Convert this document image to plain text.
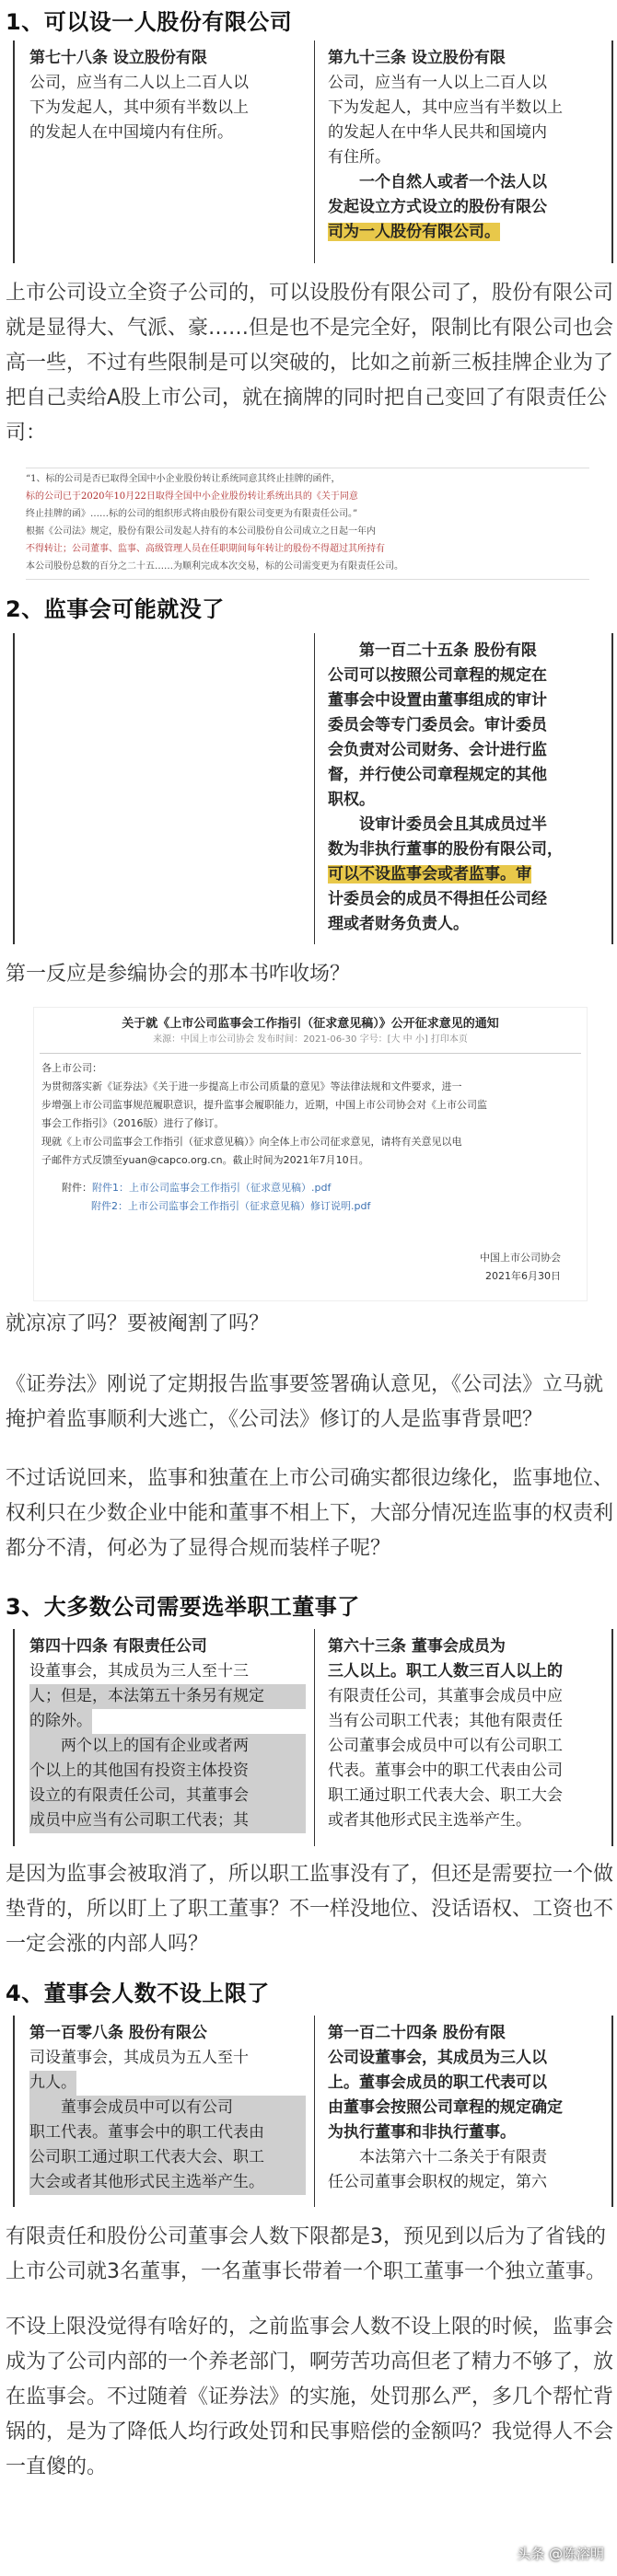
1、可以设一人股份有限公司
第七十八条 设立股份有限
公司，应当有二人以上二百人以
下为发起人，其中须有半数以上
的发起人在中国境内有住所。
第九十三条 设立股份有限
公司，应当有一人以上二百人以
下为发起人，其中应当有半数以上
的发起人在中华人民共和国境内
有住所。
一个自然人或者一个法人以
发起设立方式设立的股份有限公
司为一人股份有限公司。
上市公司设立全资子公司的，可以设股份有限公司了，股份有限公司
就是显得大、气派、豪……但是也不是完全好，限制比有限公司也会
高一些，不过有些限制是可以突破的，比如之前新三板挂牌企业为了
把自己卖给A股上市公司，就在摘牌的同时把自己变回了有限责任公
司：
“1、标的公司是否已取得全国中小企业股份转让系统同意其终止挂牌的函件，
标的公司已于2020年10月22日取得全国中小企业股份转让系统出具的《关于同意
终止挂牌的函》……标的公司的组织形式将由股份有限公司变更为有限责任公司。”
根据《公司法》规定，股份有限公司发起人持有的本公司股份自公司成立之日起一年内
不得转让；公司董事、监事、高级管理人员在任职期间每年转让的股份不得超过其所持有
本公司股份总数的百分之二十五……为顺利完成本次交易，标的公司需变更为有限责任公司。
2、监事会可能就没了
第一百二十五条 股份有限
公司可以按照公司章程的规定在
董事会中设置由董事组成的审计
委员会等专门委员会。审计委员
会负责对公司财务、会计进行监
督，并行使公司章程规定的其他
职权。
设审计委员会且其成员过半
数为非执行董事的股份有限公司，
可以不设监事会或者监事。审
计委员会的成员不得担任公司经
理或者财务负责人。
第一反应是参编协会的那本书咋收场？
关于就《上市公司监事会工作指引（征求意见稿）》公开征求意见的通知
来源：中国上市公司协会 发布时间：2021-06-30 字号：[大 中 小] 打印本页
各上市公司：
为贯彻落实新《证券法》《关于进一步提高上市公司质量的意见》等法律法规和文件要求，进一
步增强上市公司监事规范履职意识，提升监事会履职能力，近期，中国上市公司协会对《上市公司监
事会工作指引》（2016版）进行了修订。
现就《上市公司监事会工作指引（征求意见稿）》向全体上市公司征求意见，请将有关意见以电
子邮件方式反馈至yuan@capco.org.cn。截止时间为2021年7月10日。
附件：附件1：上市公司监事会工作指引（征求意见稿）.pdf
附件2：上市公司监事会工作指引（征求意见稿）修订说明.pdf
中国上市公司协会
2021年6月30日
就凉凉了吗？要被阉割了吗？
《证券法》刚说了定期报告监事要签署确认意见，《公司法》立马就
掩护着监事顺利大逃亡，《公司法》修订的人是监事背景吧？
不过话说回来，监事和独董在上市公司确实都很边缘化，监事地位、
权利只在少数企业中能和董事不相上下，大部分情况连监事的权责利
都分不清，何必为了显得合规而装样子呢？
3、大多数公司需要选举职工董事了
第四十四条 有限责任公司
设董事会，其成员为三人至十三
人；但是，本法第五十条另有规定
的除外。
两个以上的国有企业或者两
个以上的其他国有投资主体投资
设立的有限责任公司，其董事会
成员中应当有公司职工代表；其
第六十三条 董事会成员为
三人以上。职工人数三百人以上的
有限责任公司，其董事会成员中应
当有公司职工代表；其他有限责任
公司董事会成员中可以有公司职工
代表。董事会中的职工代表由公司
职工通过职工代表大会、职工大会
或者其他形式民主选举产生。
是因为监事会被取消了，所以职工监事没有了，但还是需要拉一个做
垫背的，所以盯上了职工董事？不一样没地位、没话语权、工资也不
一定会涨的内部人吗？
4、董事会人数不设上限了
第一百零八条 股份有限公
司设董事会，其成员为五人至十
九人。
董事会成员中可以有公司
职工代表。董事会中的职工代表由
公司职工通过职工代表大会、职工
大会或者其他形式民主选举产生。
第一百二十四条 股份有限
公司设董事会，其成员为三人以
上。董事会成员的职工代表可以
由董事会按照公司章程的规定确定
为执行董事和非执行董事。
本法第六十二条关于有限责
任公司董事会职权的规定，第六
有限责任和股份公司董事会人数下限都是3，预见到以后为了省钱的
上市公司就3名董事，一名董事长带着一个职工董事一个独立董事。
不设上限没觉得有啥好的，之前监事会人数不设上限的时候，监事会
成为了公司内部的一个养老部门，啊劳苦功高但老了精力不够了，放
在监事会。不过随着《证券法》的实施，处罚那么严，多几个帮忙背
锅的，是为了降低人均行政处罚和民事赔偿的金额吗？我觉得人不会
一直傻的。
头条 @陈溶明
